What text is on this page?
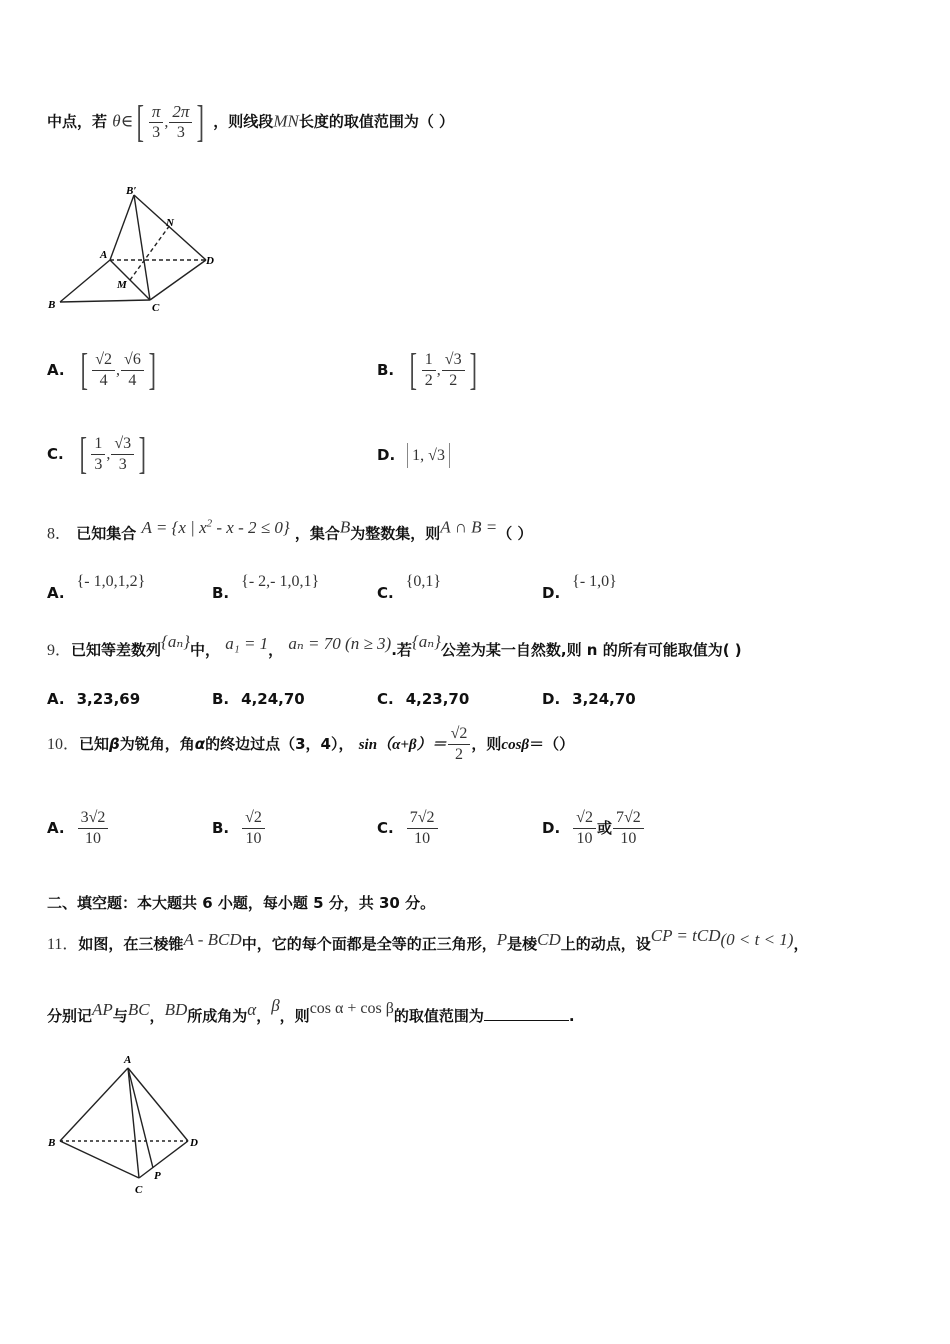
中点，若 θ∈[ $\frac{\pi}{3}$ , $\frac{2\pi}{3}$ ] ，则线段MN长度的取值范围为（ ）
B′
N
A	D
M
B	C
A. [ $\frac{√2}{4}$ , $\frac{√6}{4}$ ]	B. [ $\frac{1}{2}$ , $\frac{√3}{2}$ ]
C. [ $\frac{1}{3}$ , $\frac{√3}{3}$ ]	D. 1, √3
8． 已知集合 A = {x | $x^2 - x - 2 \le 0$} ，集合B为整数集，则A ∩ B =（ ）
A.{- 1,0,1,2}
B.{- 2,- 1,0,1}
C.{0,1}
D.{- 1,0}
9．已知等差数列{aₙ}中， a₁ = 1， aₙ = 70 (n ≥ 3).若{aₙ}公差为某一自然数,则 n 的所有可能取值为( )
A. 3,23,69	B. 4,24,70	C. 4,23,70	D. 3,24,70
10．已知β为锐角，角α的终边过点（3，4）， $\sin(\alpha+\beta)= \frac{√2}{2}$ ，则cosβ＝（）
A. $\frac{3√2}{10}$	B. $\frac{√2}{10}$	C. $\frac{7√2}{10}$	D. $\frac{√2}{10}$ 或 $\frac{7√2}{10}$
二、填空题：本大题共 6 小题，每小题 5 分，共 30 分。
11．如图，在三棱锥A - BCD中，它的每个面都是全等的正三角形，P是棱CD上的动点，设CP = tCD(0 < t < 1)，
分别记AP与BC，BD所成角为α，β，则cos α + cos β的取值范围为	.
A
B	D
C
P
